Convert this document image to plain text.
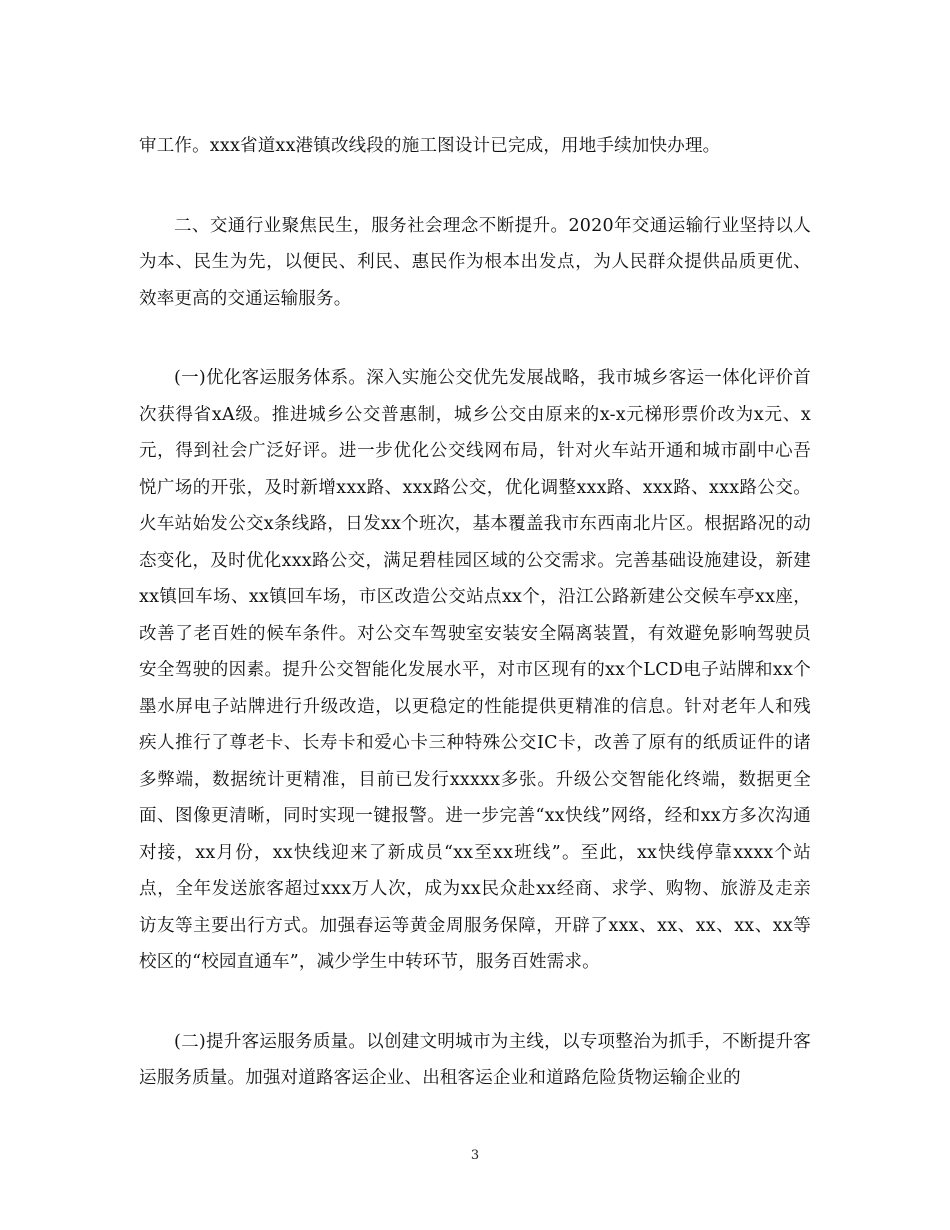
审工作。xxx省道xx港镇改线段的施工图设计已完成，用地手续加快办理。

二、交通行业聚焦民生，服务社会理念不断提升。2020年交通运输行业坚持以人为本、民生为先，以便民、利民、惠民作为根本出发点，为人民群众提供品质更优、效率更高的交通运输服务。

(一)优化客运服务体系。深入实施公交优先发展战略，我市城乡客运一体化评价首次获得省xA级。推进城乡公交普惠制，城乡公交由原来的x-x元梯形票价改为x元、x元，得到社会广泛好评。进一步优化公交线网布局，针对火车站开通和城市副中心吾悦广场的开张，及时新增xxx路、xxx路公交，优化调整xxx路、xxx路、xxx路公交。火车站始发公交x条线路，日发xx个班次，基本覆盖我市东西南北片区。根据路况的动态变化，及时优化xxx路公交，满足碧桂园区域的公交需求。完善基础设施建设，新建xx镇回车场、xx镇回车场，市区改造公交站点xx个，沿江公路新建公交候车亭xx座，改善了老百姓的候车条件。对公交车驾驶室安装安全隔离装置，有效避免影响驾驶员安全驾驶的因素。提升公交智能化发展水平，对市区现有的xx个LCD电子站牌和xx个墨水屏电子站牌进行升级改造，以更稳定的性能提供更精准的信息。针对老年人和残疾人推行了尊老卡、长寿卡和爱心卡三种特殊公交IC卡，改善了原有的纸质证件的诸多弊端，数据统计更精准，目前已发行xxxxx多张。升级公交智能化终端，数据更全面、图像更清晰，同时实现一键报警。进一步完善“xx快线”网络，经和xx方多次沟通对接，xx月份，xx快线迎来了新成员“xx至xx班线”。至此，xx快线停靠xxxx个站点，全年发送旅客超过xxx万人次，成为xx民众赴xx经商、求学、购物、旅游及走亲访友等主要出行方式。加强春运等黄金周服务保障，开辟了xxx、xx、xx、xx、xx等校区的“校园直通车”，减少学生中转环节，服务百姓需求。

(二)提升客运服务质量。以创建文明城市为主线，以专项整治为抓手，不断提升客运服务质量。加强对道路客运企业、出租客运企业和道路危险货物运输企业的

3
